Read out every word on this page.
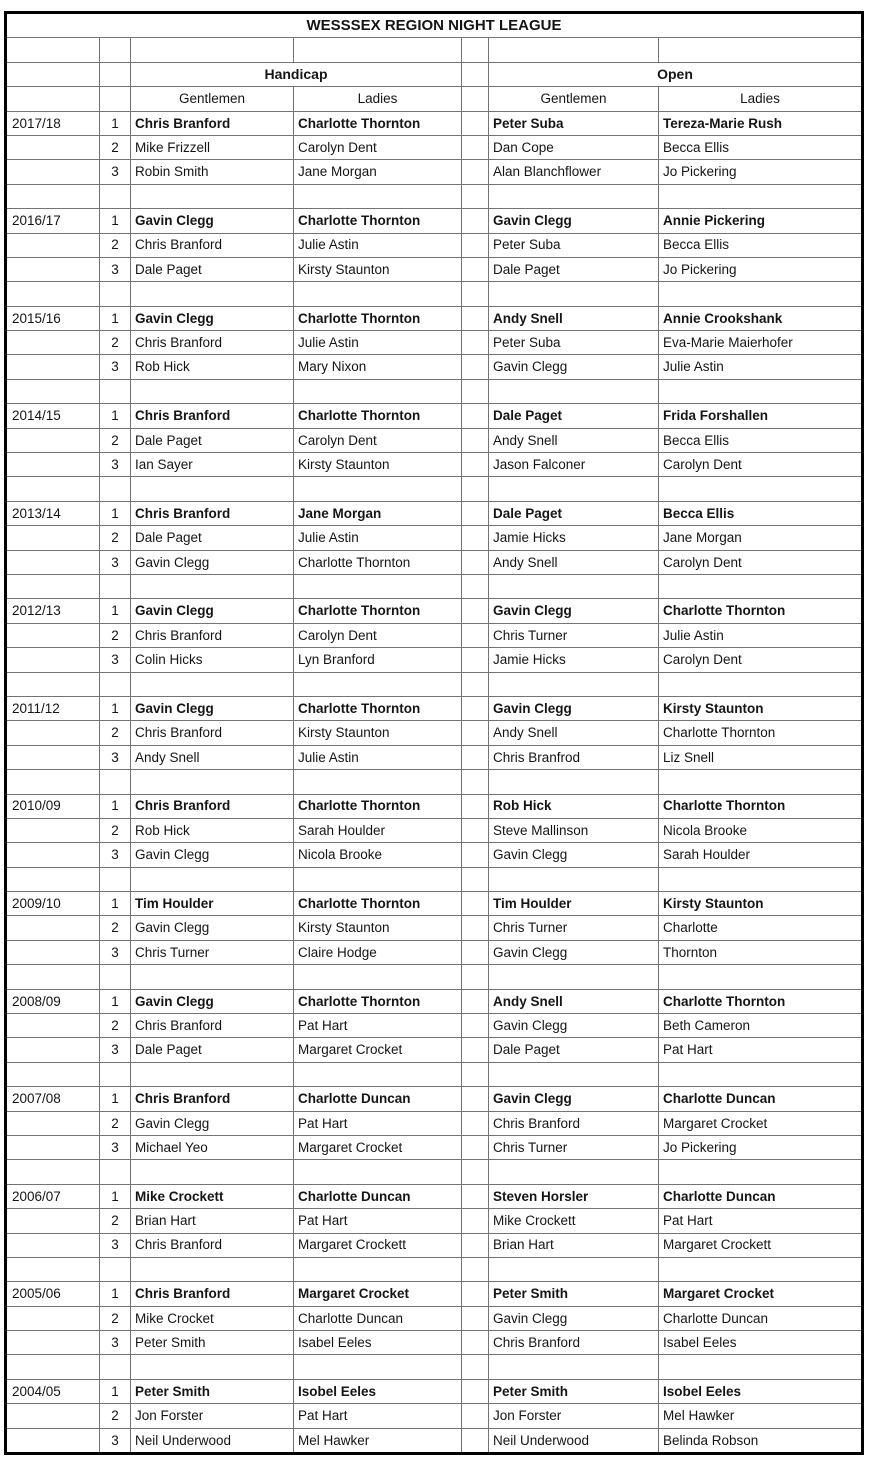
WESSSEX REGION NIGHT LEAGUE						

		Handicap			Open	
		Gentlemen	Ladies		Gentlemen	Ladies
2017/18	1	Chris Branford	Charlotte Thornton		Peter Suba	Tereza-Marie Rush
	2	Mike Frizzell	Carolyn Dent		Dan Cope	Becca Ellis
	3	Robin Smith	Jane Morgan		Alan Blanchflower	Jo Pickering

2016/17	1	Gavin Clegg	Charlotte Thornton		Gavin Clegg	Annie Pickering
	2	Chris Branford	Julie Astin		Peter Suba	Becca Ellis
	3	Dale Paget	Kirsty Staunton		Dale Paget	Jo Pickering

2015/16	1	Gavin Clegg	Charlotte Thornton		Andy Snell	Annie Crookshank
	2	Chris Branford	Julie Astin		Peter Suba	Eva-Marie Maierhofer
	3	Rob Hick	Mary Nixon		Gavin Clegg	Julie Astin

2014/15	1	Chris Branford	Charlotte Thornton		Dale Paget	Frida Forshallen
	2	Dale Paget	Carolyn Dent		Andy Snell	Becca Ellis
	3	Ian Sayer	Kirsty Staunton		Jason Falconer	Carolyn Dent

2013/14	1	Chris Branford	Jane Morgan		Dale Paget	Becca Ellis
	2	Dale Paget	Julie Astin		Jamie Hicks	Jane Morgan
	3	Gavin Clegg	Charlotte Thornton		Andy Snell	Carolyn Dent

2012/13	1	Gavin Clegg	Charlotte Thornton		Gavin Clegg	Charlotte Thornton
	2	Chris Branford	Carolyn Dent		Chris Turner	Julie Astin
	3	Colin Hicks	Lyn Branford		Jamie Hicks	Carolyn Dent

2011/12	1	Gavin Clegg	Charlotte Thornton		Gavin Clegg	Kirsty Staunton
	2	Chris Branford	Kirsty Staunton		Andy Snell	Charlotte Thornton
	3	Andy Snell	Julie Astin		Chris Branfrod	Liz Snell

2010/09	1	Chris Branford	Charlotte Thornton		Rob Hick	Charlotte Thornton
	2	Rob Hick	Sarah Houlder		Steve Mallinson	Nicola Brooke
	3	Gavin Clegg	Nicola Brooke		Gavin Clegg	Sarah Houlder

2009/10	1	Tim Houlder	Charlotte Thornton		Tim Houlder	Kirsty Staunton
	2	Gavin Clegg	Kirsty Staunton		Chris Turner	Charlotte
	3	Chris Turner	Claire Hodge		Gavin Clegg	Thornton

2008/09	1	Gavin Clegg	Charlotte Thornton		Andy Snell	Charlotte Thornton
	2	Chris Branford	Pat Hart		Gavin Clegg	Beth Cameron
	3	Dale Paget	Margaret Crocket		Dale Paget	Pat Hart

2007/08	1	Chris Branford	Charlotte Duncan		Gavin Clegg	Charlotte Duncan
	2	Gavin Clegg	Pat Hart		Chris Branford	Margaret Crocket
	3	Michael Yeo	Margaret Crocket		Chris Turner	Jo Pickering

2006/07	1	Mike Crockett	Charlotte Duncan		Steven Horsler	Charlotte Duncan
	2	Brian Hart	Pat Hart		Mike Crockett	Pat Hart
	3	Chris Branford	Margaret Crockett		Brian Hart	Margaret Crockett

2005/06	1	Chris Branford	Margaret Crocket		Peter Smith	Margaret Crocket
	2	Mike Crocket	Charlotte Duncan		Gavin Clegg	Charlotte Duncan
	3	Peter Smith	Isabel Eeles		Chris Branford	Isabel Eeles

2004/05	1	Peter Smith	Isobel Eeles		Peter Smith	Isobel Eeles
	2	Jon Forster	Pat Hart		Jon Forster	Mel Hawker
	3	Neil Underwood	Mel Hawker		Neil Underwood	Belinda Robson
